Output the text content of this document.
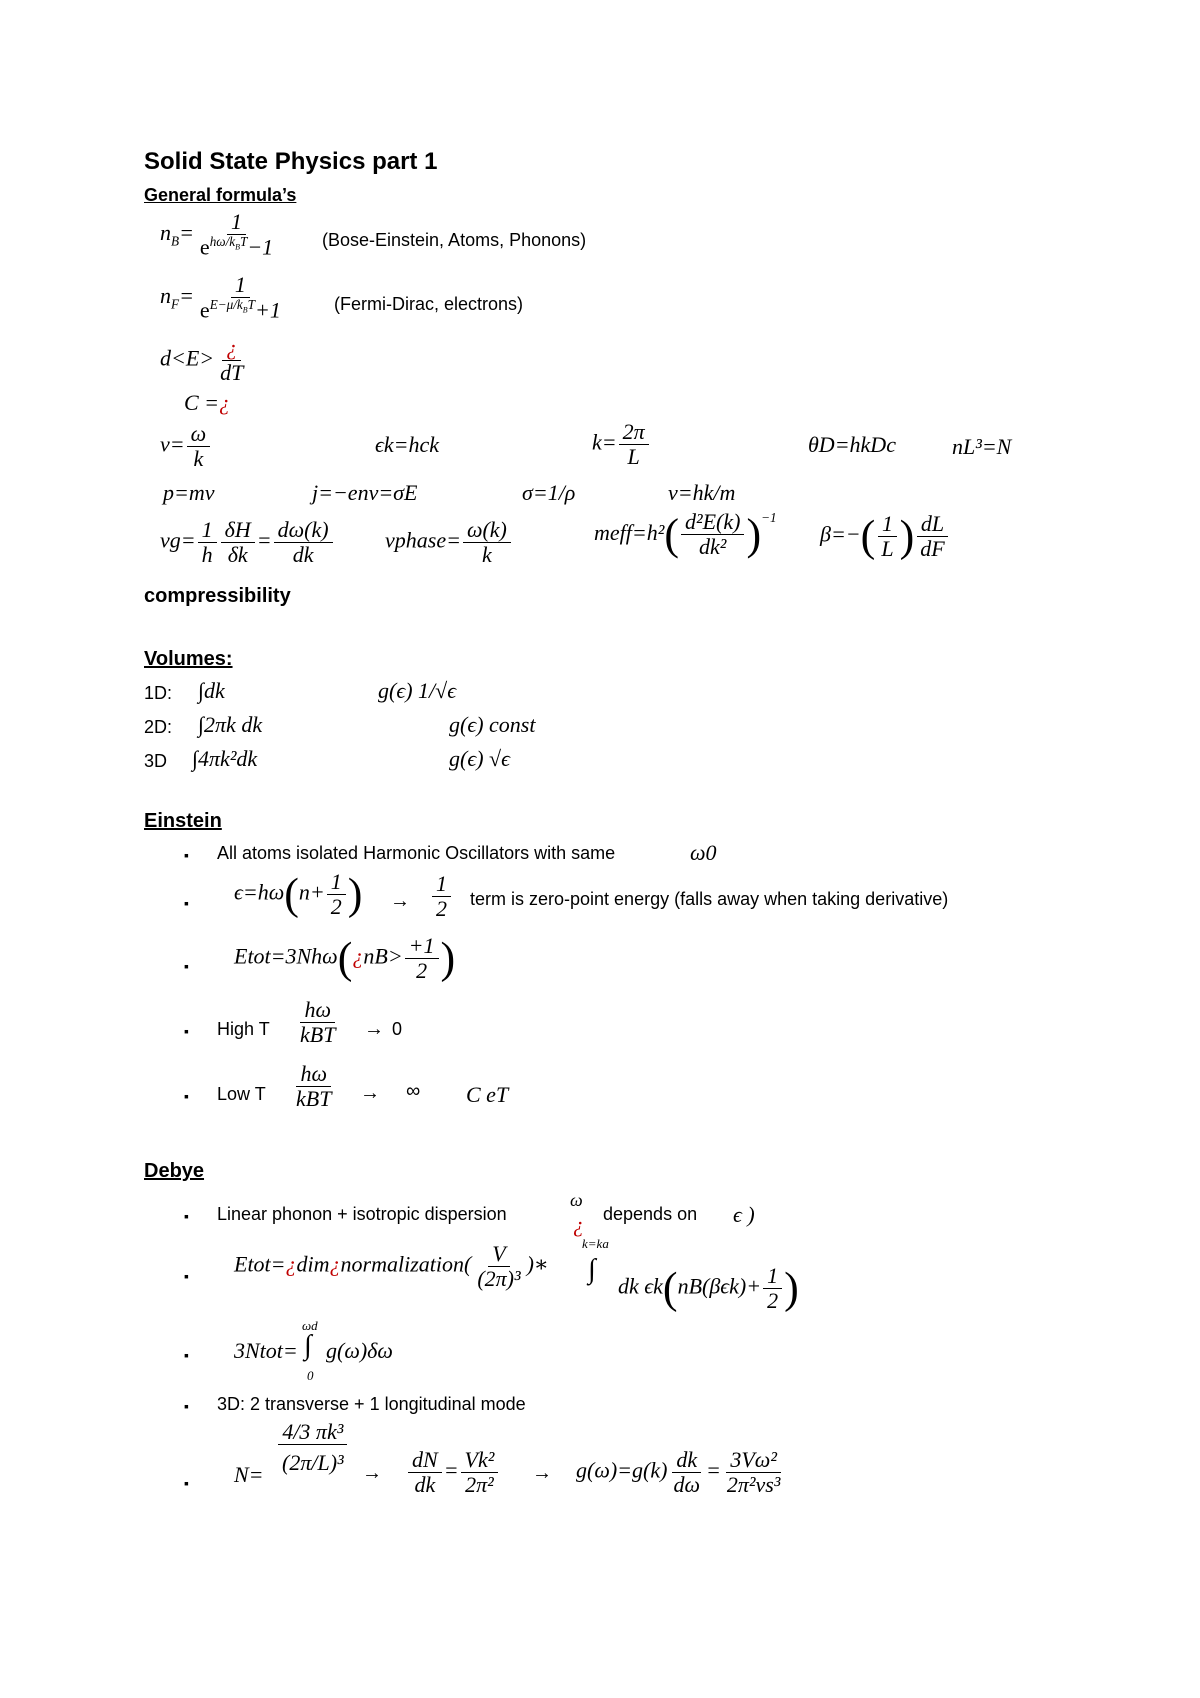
Solid State Physics part 1
General formula’s
$n_B= \frac{1}{e^{h\omega/k_BT}-1}$ (Bose-Einstein, Atoms, Phonons)
$n_F= \frac{1}{e^{E-\mu/k_BT}+1}$	(Fermi-Dirac, electrons)
$d<E> \frac{¿}{dT}$
C =¿
$v= \frac{\omega}{k}$	ϵk=hck	$k= \frac{2\pi}{L}$	θD=hkDc	nL³=N
p=mv	j=−env=σE	σ=1/ρ	v=hk/m
$vg= \frac{1}{h} \frac{\delta H}{\delta k} = \frac{d\omega(k)}{dk}$ vphase= $\frac{\omega(k)}{k}$	meff=h²( $\frac{\text{d²E(k)}}{\text{dk²}} )^{-1}$
$\beta=-( \frac{1}{L}$ ) $\frac{dL}{dF}$
compressibility
Volumes:
1D: ∫dk	g(ϵ) 1/√ϵ
2D: ∫2πk dk	g(ϵ) const
3D ∫4πk²dk	g(ϵ) √ϵ
Einstein
▪ All atoms isolated Harmonic Oscillators with same	ω0
▪ $\epsilon=h\omega(n+ \frac{1}{2}$ ) → $\frac{1}{2}$ term is zero-point energy (falls away when taking derivative)
▪ Etot=3Nhω(¿nB> $\frac{+1}{2}$ )
▪ High T $\frac{h\omega}{\text{kBT}} \to 0$
▪ Low T $\frac{h\omega}{\text{kBT}}$ → ∞ C eT
Debye
▪ Linear phonon + isotropic dispersion
ω
¿ depends on ϵ )
▪ Etot=¿dim¿normalization( $\frac{V}{\text{(2π)³}}$ )∗
k=ka
∫
dk $\epsilon k(nB(\beta\epsilon k)+ \frac{1}{2}$ )
▪ 3Ntot=
ωd
∫
0
g(ω)δω
▪ 3D: 2 transverse + 1 longitudinal mode
▪ $N= \frac{\text{4/3 πk³}}{\text{(2π/L)³}} \to \frac{dN}{dk} = \frac{\text{Vk²}}{\text{2π²}} \to g(\omega)=g(k) \frac{dk}{d\omega} = \frac{\text{3Vω²}}{\text{2π²vs³}}$
